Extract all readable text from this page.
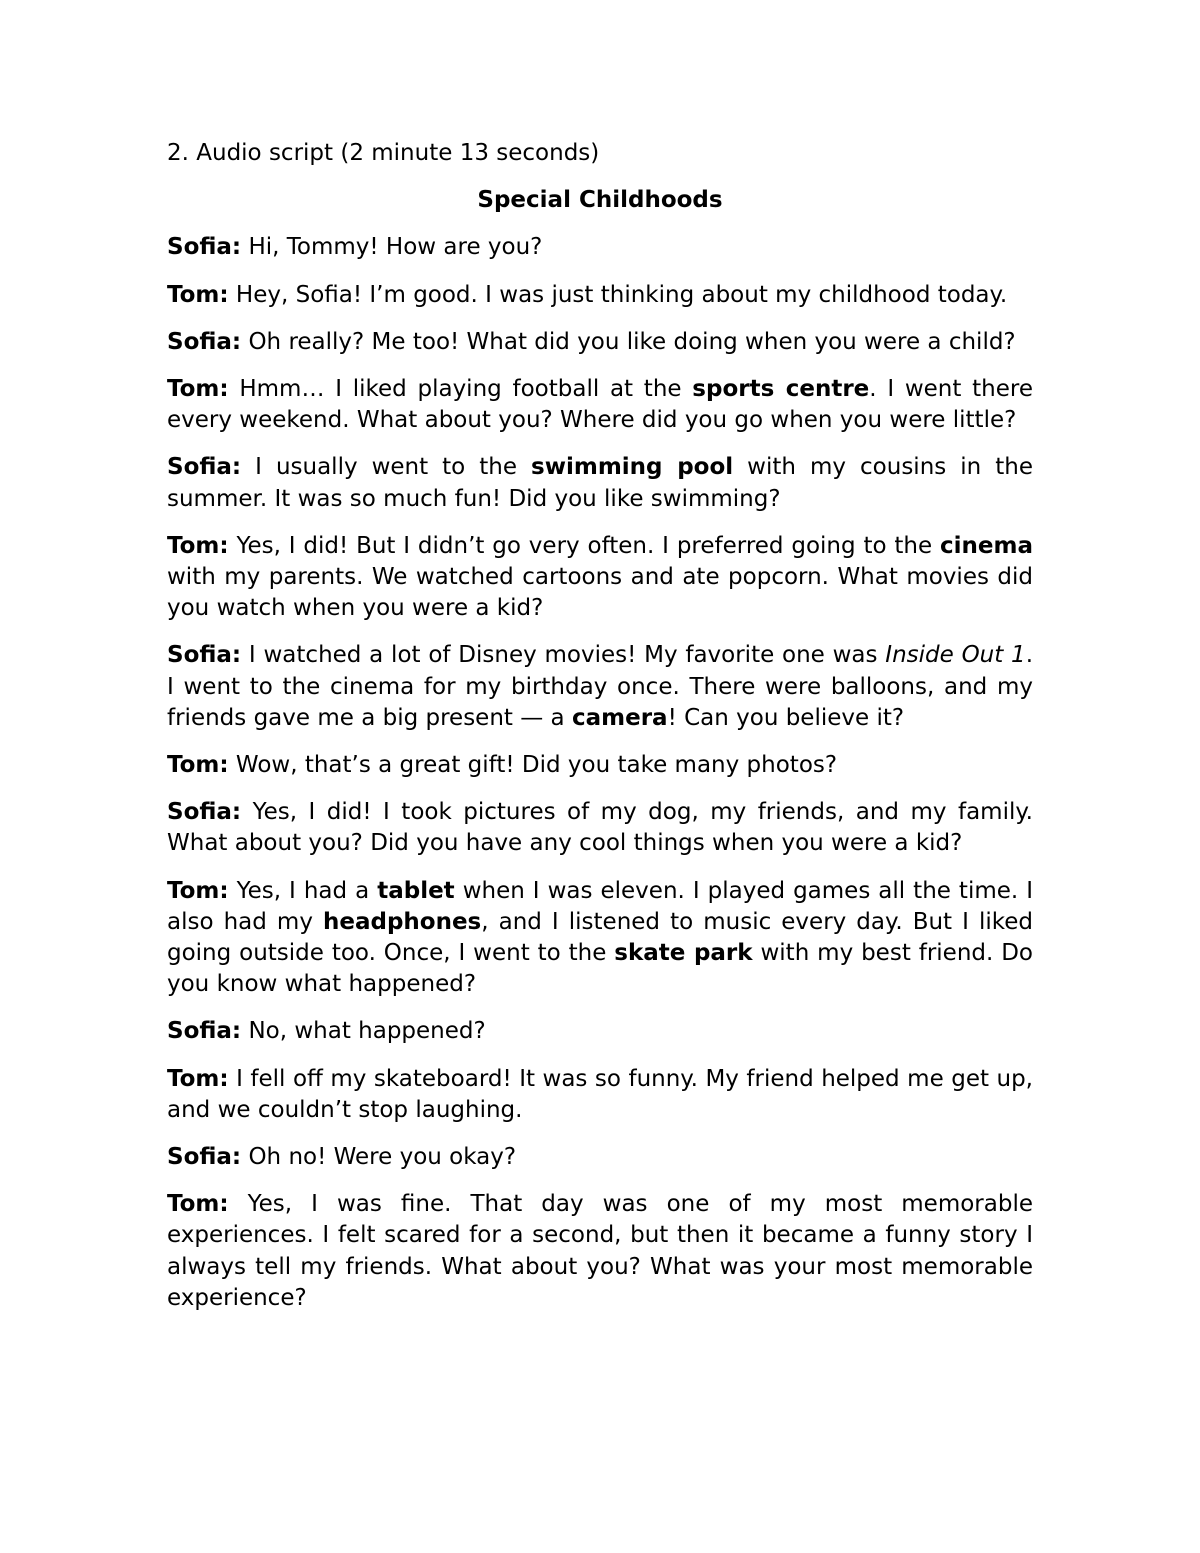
2. Audio script (2 minute 13 seconds)

Special Childhoods

Sofia: Hi, Tommy! How are you?

Tom: Hey, Sofia! I’m good. I was just thinking about my childhood today.

Sofia: Oh really? Me too! What did you like doing when you were a child?

Tom: Hmm… I liked playing football at the sports centre. I went there every weekend. What about you? Where did you go when you were little?

Sofia: I usually went to the swimming pool with my cousins in the summer. It was so much fun! Did you like swimming?

Tom: Yes, I did! But I didn’t go very often. I preferred going to the cinema with my parents. We watched cartoons and ate popcorn. What movies did you watch when you were a kid?

Sofia: I watched a lot of Disney movies! My favorite one was Inside Out 1. I went to the cinema for my birthday once. There were balloons, and my friends gave me a big present — a camera! Can you believe it?

Tom: Wow, that’s a great gift! Did you take many photos?

Sofia: Yes, I did! I took pictures of my dog, my friends, and my family. What about you? Did you have any cool things when you were a kid?

Tom: Yes, I had a tablet when I was eleven. I played games all the time. I also had my headphones, and I listened to music every day. But I liked going outside too. Once, I went to the skate park with my best friend. Do you know what happened?

Sofia: No, what happened?

Tom: I fell off my skateboard! It was so funny. My friend helped me get up, and we couldn’t stop laughing.

Sofia: Oh no! Were you okay?

Tom: Yes, I was fine. That day was one of my most memorable experiences. I felt scared for a second, but then it became a funny story I always tell my friends. What about you? What was your most memorable experience?
